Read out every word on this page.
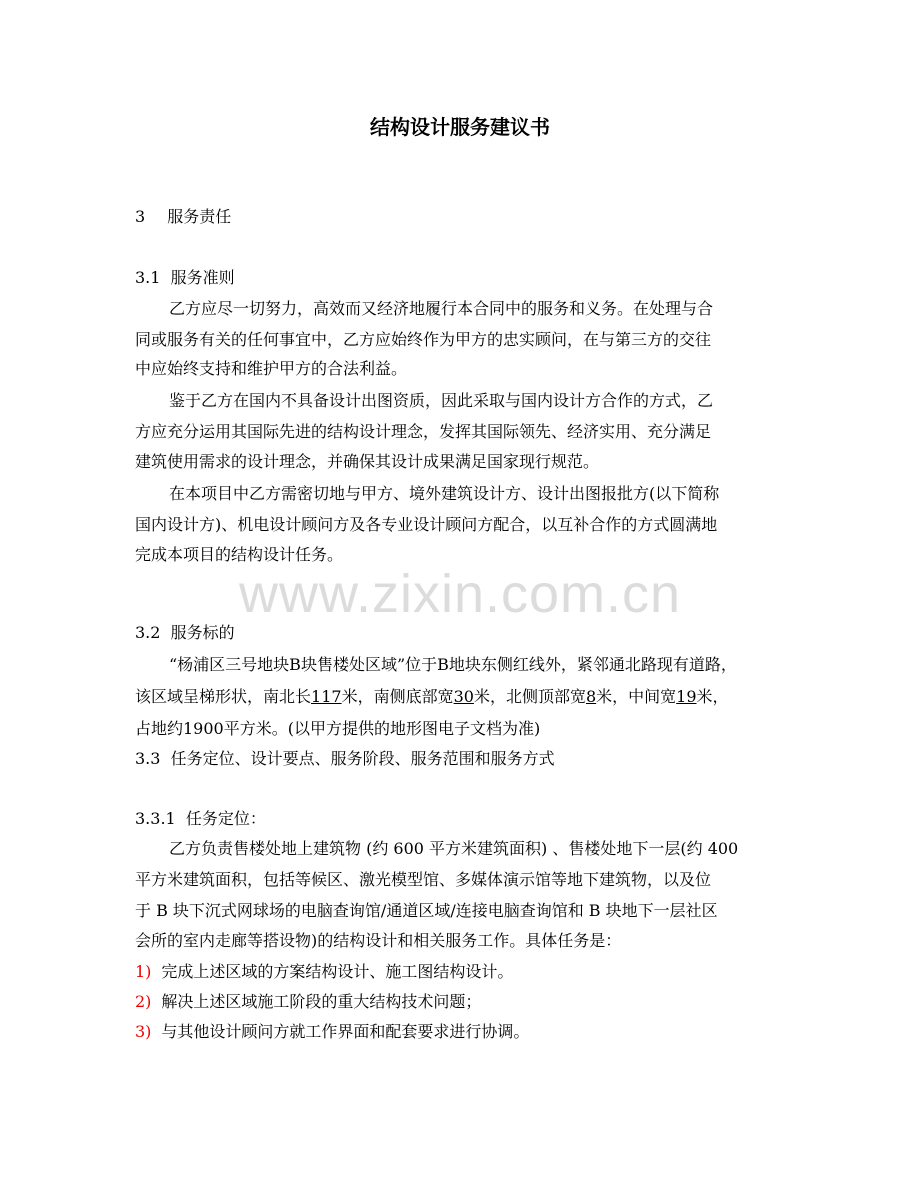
www.zixin.com.cn
结构设计服务建议书
3 服务责任
3.1  服务准则
乙方应尽一切努力，高效而又经济地履行本合同中的服务和义务。在处理与合
同或服务有关的任何事宜中，乙方应始终作为甲方的忠实顾问，在与第三方的交往
中应始终支持和维护甲方的合法利益。
鉴于乙方在国内不具备设计出图资质，因此采取与国内设计方合作的方式，乙
方应充分运用其国际先进的结构设计理念，发挥其国际领先、经济实用、充分满足
建筑使用需求的设计理念，并确保其设计成果满足国家现行规范。
在本项目中乙方需密切地与甲方、境外建筑设计方、设计出图报批方(以下简称
国内设计方)、机电设计顾问方及各专业设计顾问方配合，以互补合作的方式圆满地
完成本项目的结构设计任务。
3.2  服务标的
“杨浦区三号地块B块售楼处区域”位于B地块东侧红线外，紧邻通北路现有道路，
该区域呈梯形状，南北长117米，南侧底部宽30米，北侧顶部宽8米，中间宽19米，
占地约1900平方米。(以甲方提供的地形图电子文档为准)
3.3  任务定位、设计要点、服务阶段、服务范围和服务方式
3.3.1  任务定位：
乙方负责售楼处地上建筑物 (约 600 平方米建筑面积) 、售楼处地下一层(约 400
平方米建筑面积，包括等候区、激光模型馆、多媒体演示馆等地下建筑物，以及位
于 B 块下沉式网球场的电脑查询馆/通道区域/连接电脑查询馆和 B 块地下一层社区
会所的室内走廊等搭设物)的结构设计和相关服务工作。具体任务是：
1) 完成上述区域的方案结构设计、施工图结构设计。
2) 解决上述区域施工阶段的重大结构技术问题；
3) 与其他设计顾问方就工作界面和配套要求进行协调。
